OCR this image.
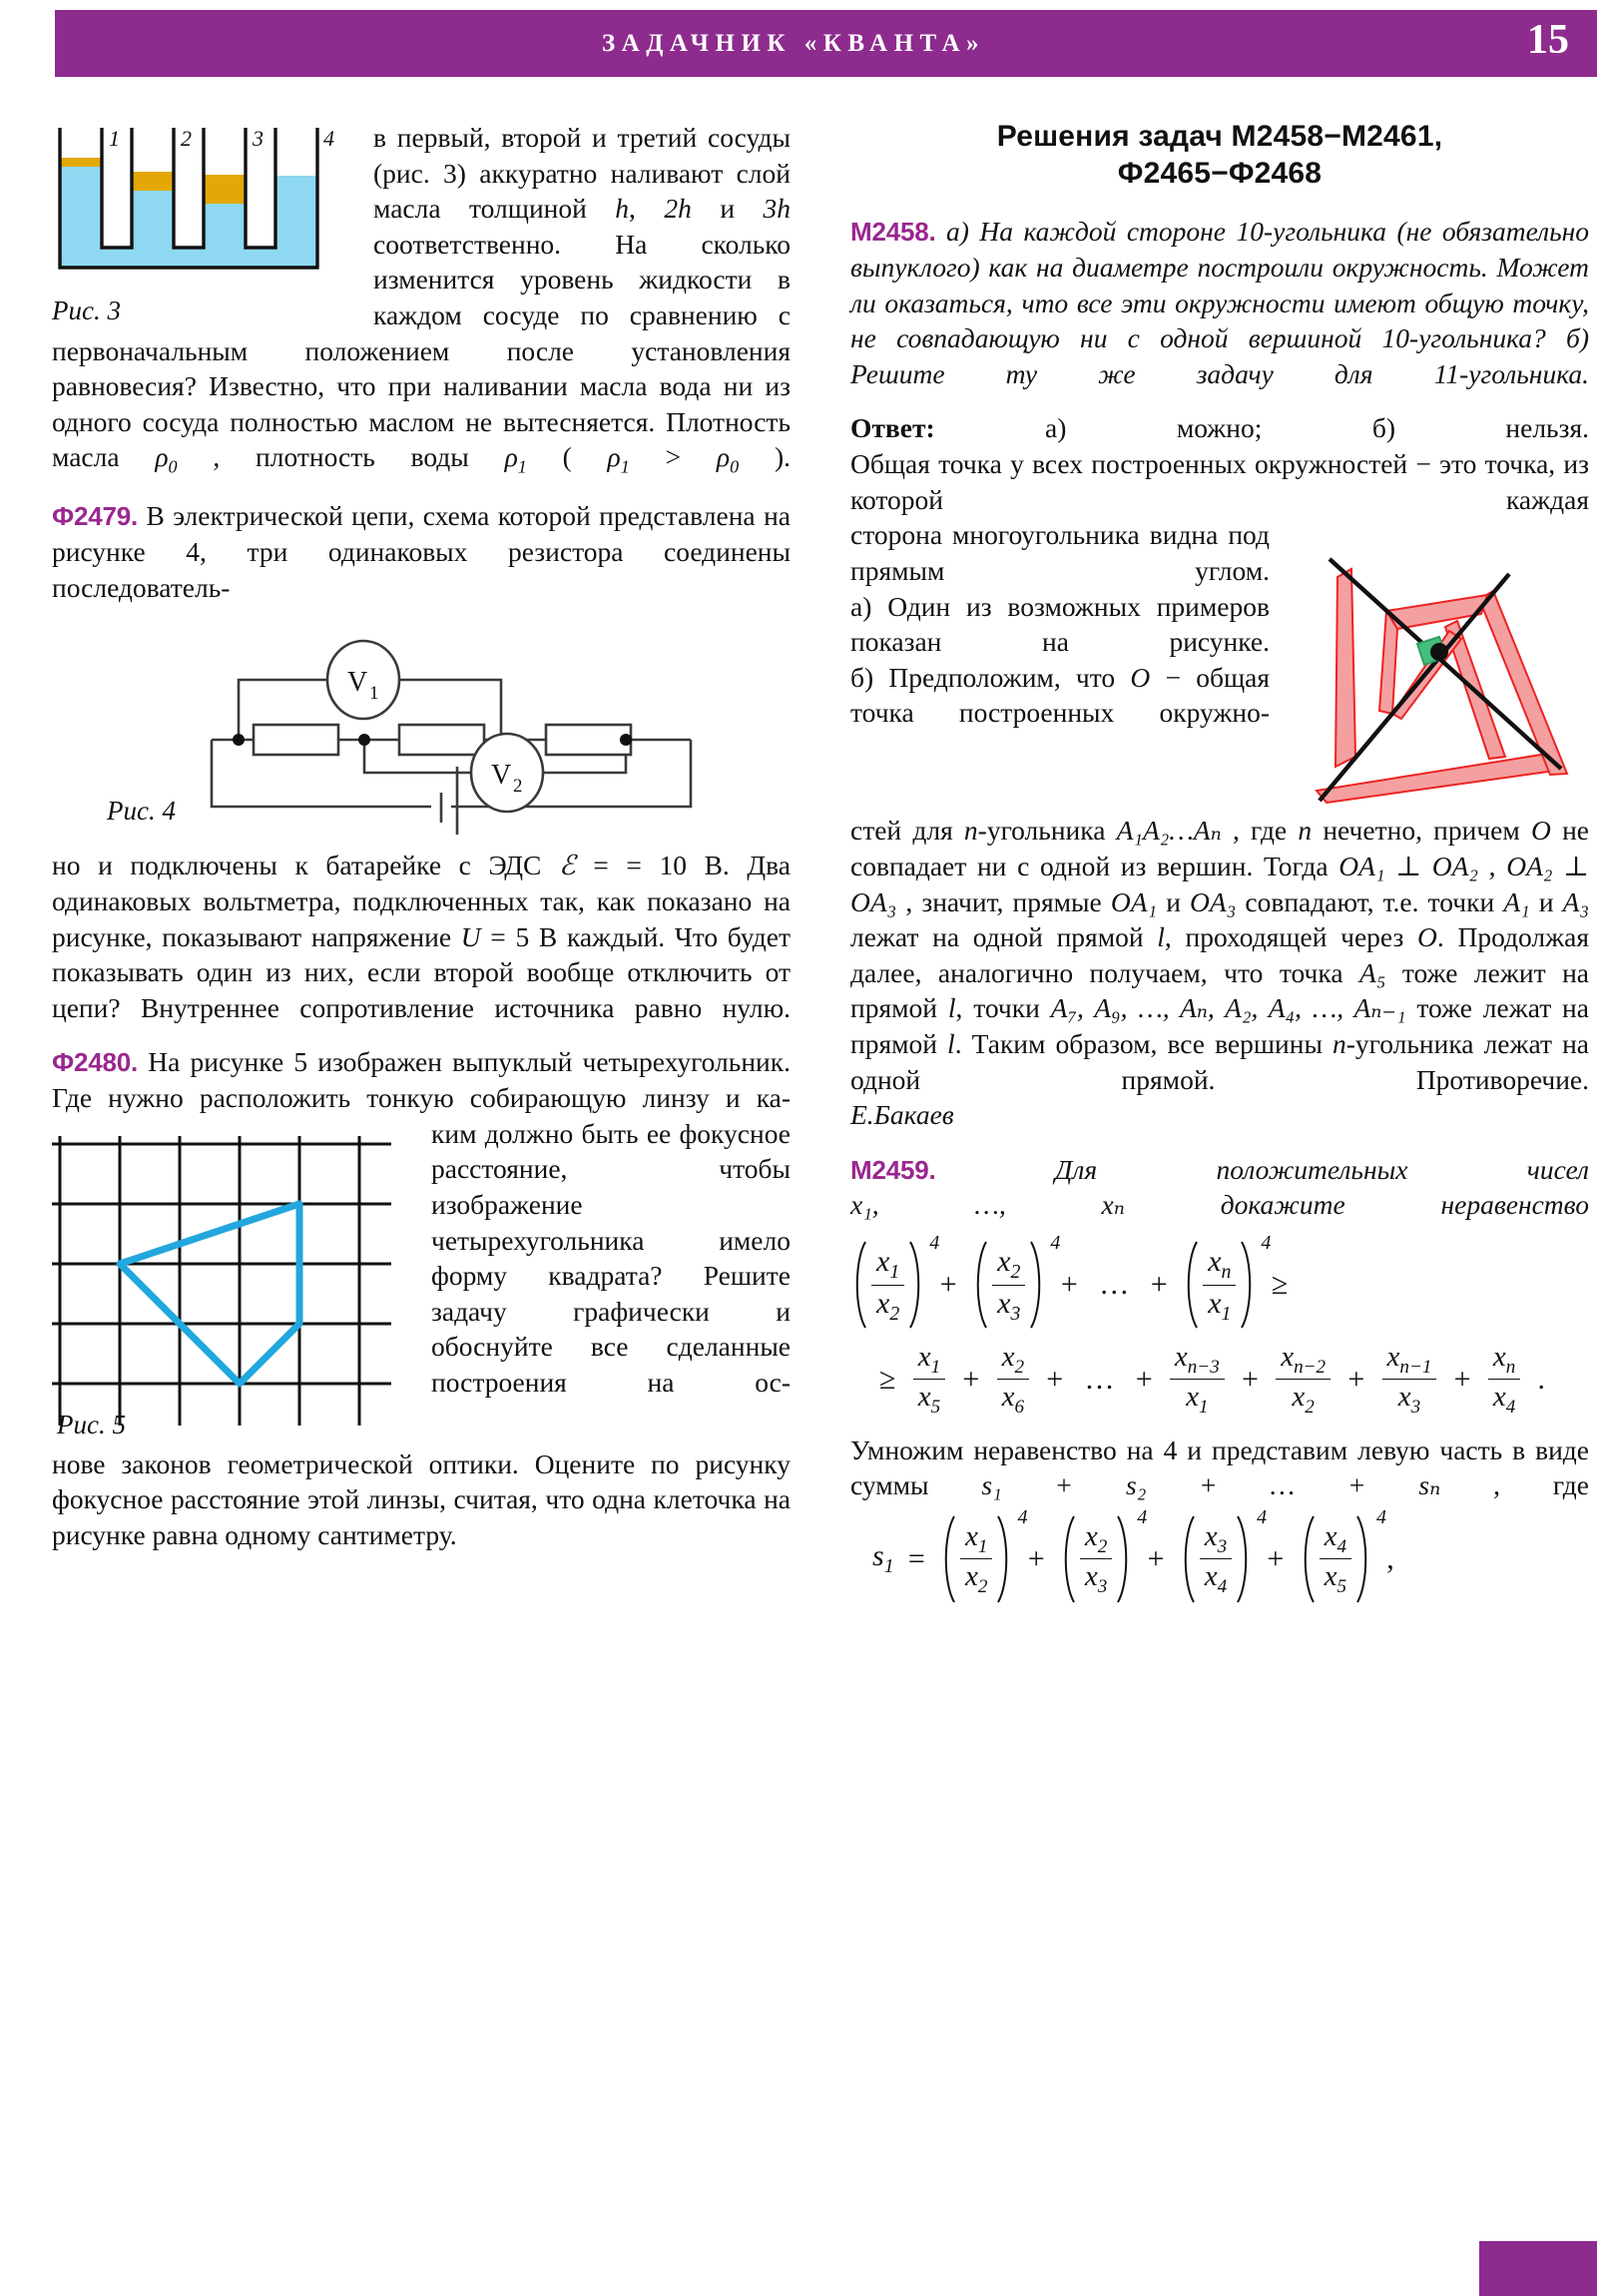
ЗАДАЧНИК «КВАНТА»	15
1	2	3	4
Рис. 3

в первый, второй и третий сосуды (рис. 3) аккуратно наливают слой масла толщиной h, 2h и 3h соответственно. На сколько изменится уровень жидкости в каждом сосуде по сравнению с первоначальным положением после установления равновесия? Известно, что при наливании масла вода ни из одного сосуда полностью маслом не вытесняется. Плотность масла $\rho_0$ , плотность воды $\rho_1$ ( $\rho_1 > \rho_0$ ).

Ф2479. В электрической цепи, схема которой представлена на рисунке 4, три одинаковых резистора соединены последователь-

V 1
V 2
Рис. 4

но и подключены к батарейке с ЭДС ℰ = = 10 В. Два одинаковых вольтметра, подключенных так, как показано на рисунке, показывают напряжение U = 5 В каждый. Что будет показывать один из них, если второй вообще отключить от цепи? Внутреннее сопротивление источника равно нулю.

Ф2480. На рисунке 5 изображен выпуклый четырехугольник. Где нужно расположить тонкую собирающую линзу и ка-

Рис. 5

ким должно быть ее фокусное расстояние, чтобы изображение четырехугольника имело форму квадрата? Решите задачу графически и обоснуйте все сделанные построения на ос-

нове законов геометрической оптики. Оцените по рисунку фокусное расстояние этой линзы, считая, что одна клеточка на рисунке равна одному сантиметру.

Решения задач М2458−М2461,
Ф2465−Ф2468

M2458. а) На каждой стороне 10-угольника (не обязательно выпуклого) как на диаметре построили окружность. Может ли оказаться, что все эти окружности имеют общую точку, не совпадающую ни с одной вершиной 10-угольника? б) Решите ту же задачу для 11-угольника.

Ответ: а) можно; б) нельзя.

Общая точка у всех построенных окружностей − это точка, из которой каждая

сторона многоугольника видна под прямым углом.

а) Один из возможных примеров показан на рисунке.

б) Предположим, что O − общая точка построенных окружно-

стей для n-угольника A₁A₂…Aₙ , где n нечетно, причем O не совпадает ни с одной из вершин. Тогда OA₁ ⊥ OA₂ , OA₂ ⊥ OA₃ , значит, прямые OA₁ и OA₃ совпадают, т.е. точки A₁ и A₃ лежат на одной прямой l, проходящей через O. Продолжая далее, аналогично получаем, что точка A₅ тоже лежит на прямой l, точки A₇, A₉, …, Aₙ, A₂, A₄, …, Aₙ₋₁ тоже лежат на прямой l. Таким образом, все вершины n-угольника лежат на одной прямой. Противоречие.

Е.Бакаев

M2459. Для положительных чисел
x₁, …, xₙ докажите неравенство

$\frac{x_1}{x_2}$
4
+ $\frac{x_2}{x_3}$
4
+ … + $\frac{x_n}{x_1}$
4
≥
≥ $\frac{x_1}{x_5} + \frac{x_2}{x_6}$ + … + $\frac{x_{n-3}}{x_1} + \frac{x_{n-2}}{x_2} + \frac{x_{n-1}}{x_3} + \frac{x_n}{x_4}$ .

Умножим неравенство на 4 и представим левую часть в виде суммы s₁ + s₂ + … + sₙ , где

$s_1 = \frac{x_1}{x_2}$
4
+ $\frac{x_2}{x_3}$
4
+ $\frac{x_3}{x_4}$
4
+ $\frac{x_4}{x_5}$
4
,
